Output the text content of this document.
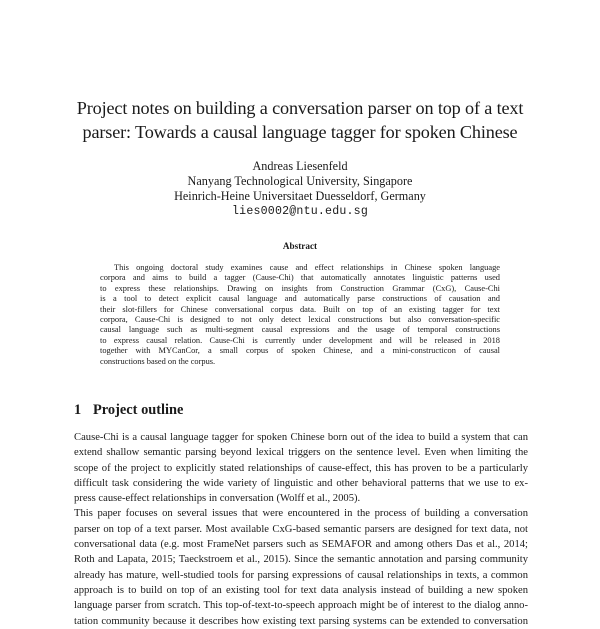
Project notes on building a conversation parser on top of a text
parser: Towards a causal language tagger for spoken Chinese
Andreas Liesenfeld
Nanyang Technological University, Singapore
Heinrich-Heine Universitaet Duesseldorf, Germany
lies0002@ntu.edu.sg
Abstract
This ongoing doctoral study examines cause and effect relationships in Chinese spoken language
corpora and aims to build a tagger (Cause-Chi) that automatically annotates linguistic patterns used
to express these relationships. Drawing on insights from Construction Grammar (CxG), Cause-Chi
is a tool to detect explicit causal language and automatically parse constructions of causation and
their slot-fillers for Chinese conversational corpus data. Built on top of an existing tagger for text
corpora, Cause-Chi is designed to not only detect lexical constructions but also conversation-specific
causal language such as multi-segment causal expressions and the usage of temporal constructions
to express causal relation. Cause-Chi is currently under development and will be released in 2018
together with MYCanCor, a small corpus of spoken Chinese, and a mini-constructicon of causal
constructions based on the corpus.
1 Project outline
Cause-Chi is a causal language tagger for spoken Chinese born out of the idea to build a system that can
extend shallow semantic parsing beyond lexical triggers on the sentence level. Even when limiting the
scope of the project to explicitly stated relationships of cause-effect, this has proven to be a particularly
difficult task considering the wide variety of linguistic and other behavioral patterns that we use to ex-
press cause-effect relationships in conversation (Wolff et al., 2005).
This paper focuses on several issues that were encountered in the process of building a conversation
parser on top of a text parser. Most available CxG-based semantic parsers are designed for text data, not
conversational data (e.g. most FrameNet parsers such as SEMAFOR and among others Das et al., 2014;
Roth and Lapata, 2015; Taeckstroem et al., 2015). Since the semantic annotation and parsing community
already has mature, well-studied tools for parsing expressions of causal relationships in texts, a common
approach is to build on top of an existing tool for text data analysis instead of building a new spoken
language parser from scratch. This top-of-text-to-speech approach might be of interest to the dialog anno-
tation community because it describes how existing text parsing systems can be extended to conversation
